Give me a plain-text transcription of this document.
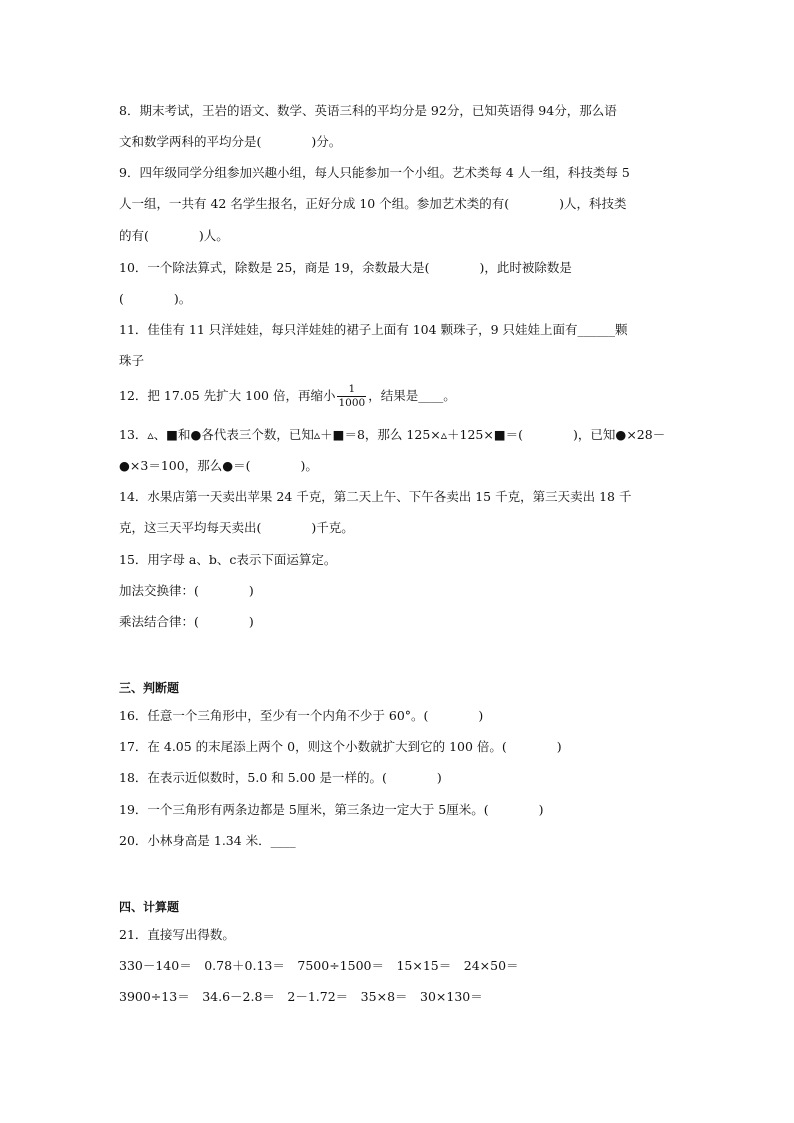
8．期末考试，王岩的语文、数学、英语三科的平均分是 92分，已知英语得 94分，那么语
文和数学两科的平均分是(　　　　)分。
9．四年级同学分组参加兴趣小组，每人只能参加一个小组。艺术类每 4 人一组，科技类每 5
人一组，一共有 42 名学生报名，正好分成 10 个组。参加艺术类的有(　　　　)人，科技类
的有(　　　　)人。
10．一个除法算式，除数是 25，商是 19，余数最大是(　　　　)，此时被除数是
(　　　　)。
11．佳佳有 11 只洋娃娃，每只洋娃娃的裙子上面有 104 颗珠子，9 只娃娃上面有______颗
珠子
12．把 17.05 先扩大 100 倍，再缩小 $\frac{1}{1000}$ ，结果是____。
13．▵、■和●各代表三个数，已知▵＋■＝8，那么 125×▵＋125×■＝(　　　　)，已知●×28－
●×3＝100，那么●＝(　　　　)。
14．水果店第一天卖出苹果 24 千克，第二天上午、下午各卖出 15 千克，第三天卖出 18 千
克，这三天平均每天卖出(　　　　)千克。
15．用字母 a、b、c表示下面运算定。
加法交换律：(　　　　)
乘法结合律：(　　　　)
三、判断题
16．任意一个三角形中，至少有一个内角不少于 60°。(　　　　)
17．在 4.05 的末尾添上两个 0，则这个小数就扩大到它的 100 倍。(　　　　)
18．在表示近似数时，5.0 和 5.00 是一样的。(　　　　)
19．一个三角形有两条边都是 5厘米，第三条边一定大于 5厘米。(　　　　)
20．小林身高是 1.34 米．____
四、计算题
21．直接写出得数。
330－140＝　0.78＋0.13＝　7500÷1500＝　15×15＝　24×50＝
3900÷13＝　34.6－2.8＝　2－1.72＝　35×8＝　30×130＝
